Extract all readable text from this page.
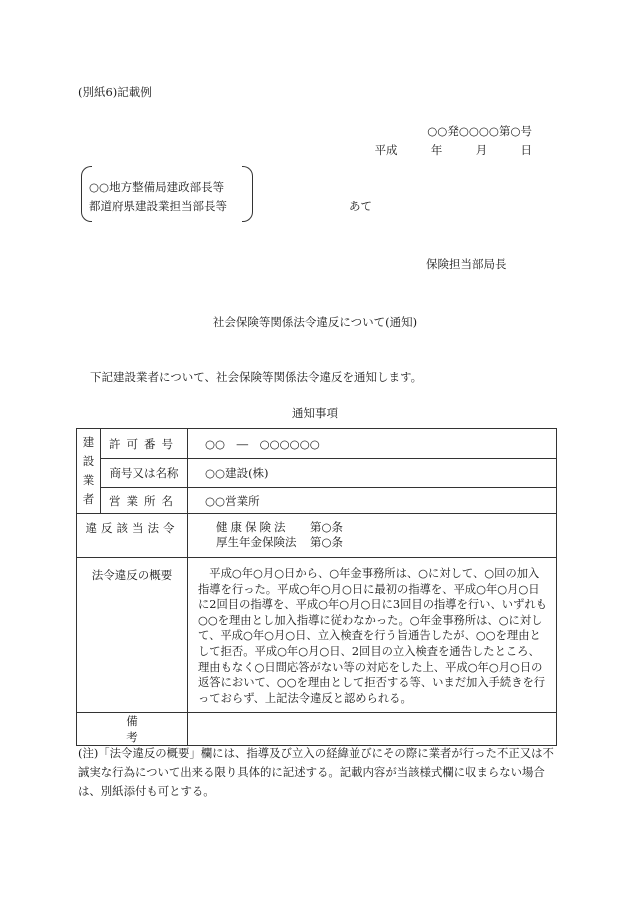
(別紙6)記載例
○○発○○○○第○号
平成	年	月	日
○○地方整備局建政部長等
都道府県建設業担当部長等	あて
保険担当部局長
社会保険等関係法令違反について(通知)
下記建設業者について、社会保険等関係法令違反を通知します。
通知事項
建
設
業
者	許可番号	○○　―　○○○○○○
	商号又は名称	○○建設(株)
	営業所名	○○営業所
違反該当法令		健康保険法 第○条
厚生年金保険法 第○条

法令違反の概要		平成○年○月○日から、○年金事務所は、○に対して、○回の加入指導を行った。平成○年○月○日に最初の指導を、平成○年○月○日に2回目の指導を、平成○年○月○日に3回目の指導を行い、いずれも○○を理由とし加入指導に従わなかった。○年金事務所は、○に対して、平成○年○月○日、立入検査を行う旨通告したが、○○を理由として拒否。平成○年○月○日、2回目の立入検査を通告したところ、理由もなく○日間応答がない等の対応をした上、平成○年○月○日の返答において、○○を理由として拒否する等、いまだ加入手続きを行っておらず、上記法令違反と認められる。
備考		
(注)「法令違反の概要」欄には、指導及び立入の経緯並びにその際に業者が行った不正又は不誠実な行為について出来る限り具体的に記述する。記載内容が当該様式欄に収まらない場合は、別紙添付も可とする。
